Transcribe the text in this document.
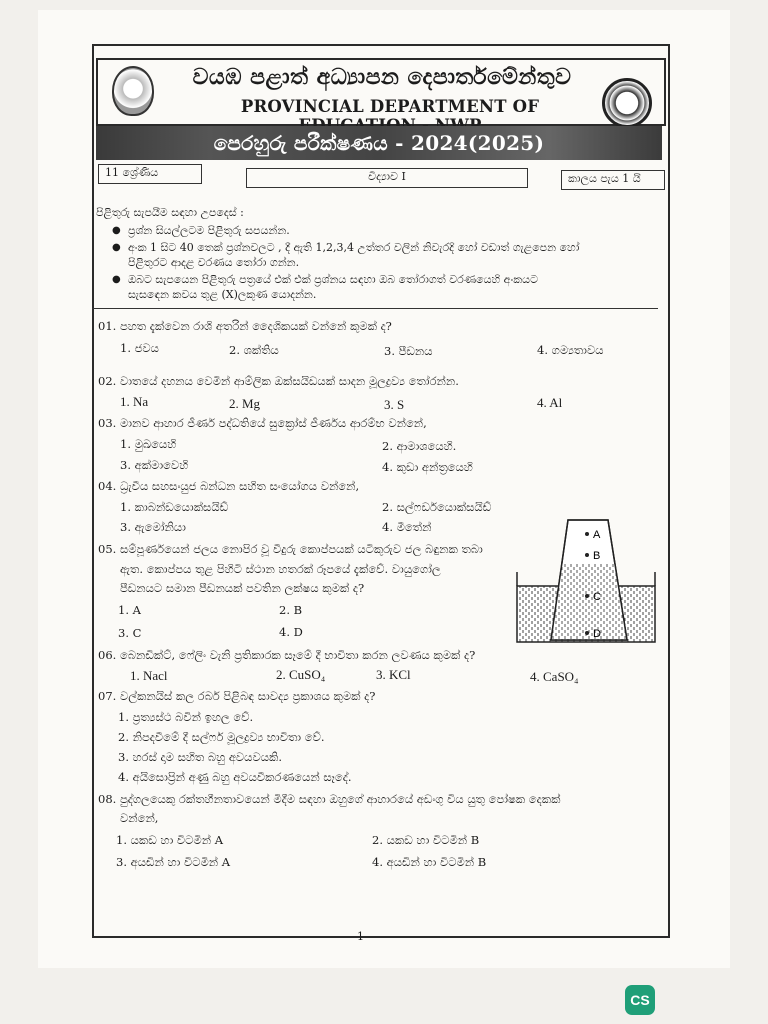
වයඹ පළාත් අධ්‍යාපන දෙපාර්තමේන්තුව
PROVINCIAL DEPARTMENT OF
පෙරහුරු පරීක්ෂණය - 2024(2025)
11 ශ්‍රේණිය	විද්‍යාව I	කාලය පැය 1 යි
පිළිතුරු සැපයීම සඳහා උපදෙස් :
● ප්‍රශ්න සියල්ලටම පිළිතුරු සපයන්න.
● අංක 1 සිට 40 තෙක් ප්‍රශ්නවලට , දී ඇති 1,2,3,4 උත්තර වලින් නිවැරදි හෝ වඩාත් ගැළපෙන හෝ
පිළිතුරට ආදළ වරණය තෝරා ගන්න.
● ඔබට සැපයෙන පිළිතුරු පත්‍රයේ එක් එක් ප්‍රශ්නය සඳහා ඔබ තෝරාගත් වරණයෙහි අංකයට
සැසඳෙන කවය තුළ (X)ලකුණ යොදන්න.
01. පහත දැක්වෙන රාශි අතරින් දෛශිකයක් වන්නේ කුමක් ද?
1. ජවය	2. ශක්තිය	3. පීඩනය	4. ගම්‍යතාවය
02. වාතයේ දහනය වෙමින් ආම්ලික ඔක්සයිඩයක් සාදන මූලද්‍රව්‍ය තෝරන්න.
1. Na	2. Mg	3. S	4. Al
03. මානව ආහාර ජීර්ණ පද්ධතියේ සුක්‍රෝස් ජීර්ණය ආරම්භ වන්නේ,
1. මුඛයෙහි	2. ආමාශයෙහි.
3. අක්මාවෙහි	4. කුඩා අන්ත්‍රයෙහි
04. ධ්‍රැවීය සහසංයුජ බන්ධන සහිත සංයෝගය වන්නේ,
1. කාබන්ඩයොක්සයිඩ්	2. සල්ෆර්ඩයොක්සයිඩ්
3. ඇමෝනියා	4. මීතේන්
05. සම්පූර්ණයෙන් ජලය නොපිර වූ වීදුරු කොප්පයක් යටිකුරුව ජල බඳුනක තබා
ඇත. කොප්පය තුළ පිහිටි ස්ථාන හතරක් රූපයේ දැක්වේ. වායුගෝල
පීඩනයට සමාන පීඩනයක් පවතින ලක්ෂය කුමක් ද?
1. A	2. B
3. C	4. D
A
B
C
D
06. බෙනඩික්ට්, ෆේලිං වැනි ප්‍රතිකාරක සෑමේ දී භාවිතා කරන ලවණය කුමක් ද?
1. Nacl	2. CuSO₄	3. KCl	4. CaSO₄
07. වල්කනයිස් කල රබර් පිළිබඳ සාවද්‍ය ප්‍රකාශය කුමක් ද?
1. ප්‍රත්‍යස්ථ බවින් ඉහල වේ.
2. නිපදවීමේ දී සල්ෆර් මූලද්‍රව්‍ය භාවිතා වේ.
3. හරස් දාම සහිත බහු අවයවයකි.
4. අයිසොප්‍රින් අණු බහු අවයවීකරණයෙන් සෑදේ.
08. පුද්ගලයෙකු රක්තහීනතාවයෙන් මිදීම සඳහා ඔහුගේ ආහාරයේ අඩංගු විය යුතු පෝෂක දෙකක්
වන්නේ,
1. යකඩ හා විටමින් A	2. යකඩ හා විටමින් B
3. අයඩින් හා විටමින් A	4. අයඩින් හා විටමින් B
1
CS
